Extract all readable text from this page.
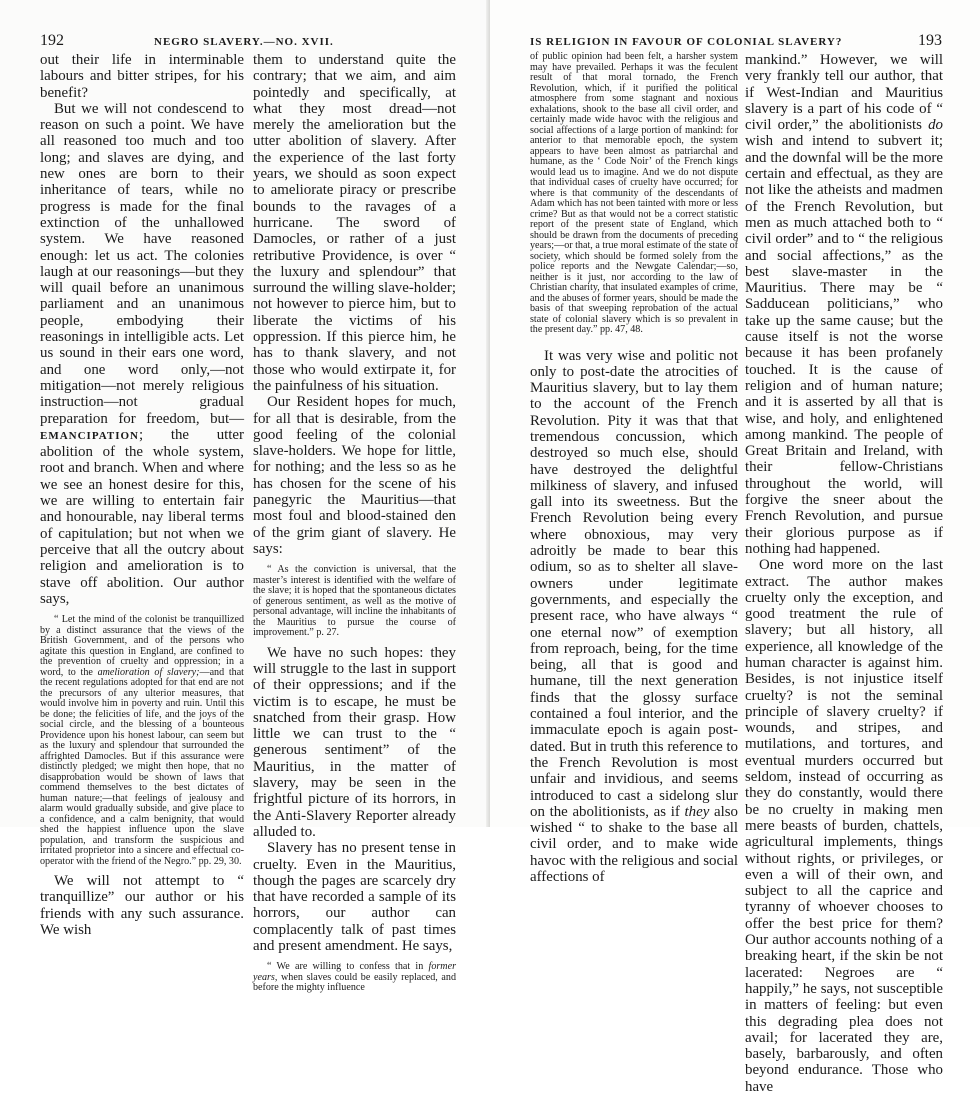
192	NEGRO SLAVERY.—NO. XVII.

out their life in interminable labours and bitter stripes, for his benefit?

But we will not condescend to reason on such a point. We have all reasoned too much and too long; and slaves are dying, and new ones are born to their inheritance of tears, while no progress is made for the final extinction of the unhallowed system. We have reasoned enough: let us act. The colonies laugh at our reasonings—but they will quail before an unanimous parliament and an unanimous people, embodying their reasonings in intelligible acts. Let us sound in their ears one word, and one word only,—not mitigation—not merely religious instruction—not gradual preparation for freedom, but—EMANCIPATION; the utter abolition of the whole system, root and branch. When and where we see an honest desire for this, we are willing to entertain fair and honourable, nay liberal terms of capitulation; but not when we perceive that all the outcry about religion and amelioration is to stave off abolition. Our author says,

“ Let the mind of the colonist be tranquillized by a distinct assurance that the views of the British Government, and of the persons who agitate this question in England, are confined to the prevention of cruelty and oppression; in a word, to the amelioration of slavery;—and that the recent regulations adopted for that end are not the precursors of any ulterior measures, that would involve him in poverty and ruin. Until this be done; the felicities of life, and the joys of the social circle, and the blessing of a bounteous Providence upon his honest labour, can seem but as the luxury and splendour that surrounded the affrighted Damocles. But if this assurance were distinctly pledged; we might then hope, that no disapprobation would be shown of laws that commend themselves to the best dictates of human nature;—that feelings of jealousy and alarm would gradually subside, and give place to a confidence, and a calm benignity, that would shed the happiest influence upon the slave population, and transform the suspicious and irritated proprietor into a sincere and effectual co-operator with the friend of the Negro.” pp. 29, 30.

We will not attempt to “ tranquillize” our author or his friends with any such assurance. We wish

them to understand quite the contrary; that we aim, and aim pointedly and specifically, at what they most dread—not merely the amelioration but the utter abolition of slavery. After the experience of the last forty years, we should as soon expect to ameliorate piracy or prescribe bounds to the ravages of a hurricane. The sword of Damocles, or rather of a just retributive Providence, is over “ the luxury and splendour” that surround the willing slave-holder; not however to pierce him, but to liberate the victims of his oppression. If this pierce him, he has to thank slavery, and not those who would extirpate it, for the painfulness of his situation.

Our Resident hopes for much, for all that is desirable, from the good feeling of the colonial slave-holders. We hope for little, for nothing; and the less so as he has chosen for the scene of his panegyric the Mauritius—that most foul and blood-stained den of the grim giant of slavery. He says:

“ As the conviction is universal, that the master’s interest is identified with the welfare of the slave; it is hoped that the spontaneous dictates of generous sentiment, as well as the motive of personal advantage, will incline the inhabitants of the Mauritius to pursue the course of improvement.” p. 27.

We have no such hopes: they will struggle to the last in support of their oppressions; and if the victim is to escape, he must be snatched from their grasp. How little we can trust to the “ generous sentiment” of the Mauritius, in the matter of slavery, may be seen in the frightful picture of its horrors, in the Anti-Slavery Reporter already alluded to.

Slavery has no present tense in cruelty. Even in the Mauritius, though the pages are scarcely dry that have recorded a sample of its horrors, our author can complacently talk of past times and present amendment. He says,

“ We are willing to confess that in former years, when slaves could be easily replaced, and before the mighty influence

IS RELIGION IN FAVOUR OF COLONIAL SLAVERY?	193

of public opinion had been felt, a harsher system may have prevailed. Perhaps it was the feculent result of that moral tornado, the French Revolution, which, if it purified the political atmosphere from some stagnant and noxious exhalations, shook to the base all civil order, and certainly made wide havoc with the religious and social affections of a large portion of mankind: for anterior to that memorable epoch, the system appears to have been almost as patriarchal and humane, as the ‘ Code Noir’ of the French kings would lead us to imagine. And we do not dispute that individual cases of cruelty have occurred; for where is that community of the descendants of Adam which has not been tainted with more or less crime? But as that would not be a correct statistic report of the present state of England, which should be drawn from the documents of preceding years;—or that, a true moral estimate of the state of society, which should be formed solely from the police reports and the Newgate Calendar;—so, neither is it just, nor according to the law of Christian charity, that insulated examples of crime, and the abuses of former years, should be made the basis of that sweeping reprobation of the actual state of colonial slavery which is so prevalent in the present day.” pp. 47, 48.

It was very wise and politic not only to post-date the atrocities of Mauritius slavery, but to lay them to the account of the French Revolution. Pity it was that that tremendous concussion, which destroyed so much else, should have destroyed the delightful milkiness of slavery, and infused gall into its sweetness. But the French Revolution being every where obnoxious, may very adroitly be made to bear this odium, so as to shelter all slave-owners under legitimate governments, and especially the present race, who have always “ one eternal now” of exemption from reproach, being, for the time being, all that is good and humane, till the next generation finds that the glossy surface contained a foul interior, and the immaculate epoch is again post-dated. But in truth this reference to the French Revolution is most unfair and invidious, and seems introduced to cast a sidelong slur on the abolitionists, as if they also wished “ to shake to the base all civil order, and to make wide havoc with the religious and social affections of

mankind.” However, we will very frankly tell our author, that if West-Indian and Mauritius slavery is a part of his code of “ civil order,” the abolitionists do wish and intend to subvert it; and the downfal will be the more certain and effectual, as they are not like the atheists and madmen of the French Revolution, but men as much attached both to “ civil order” and to “ the religious and social affections,” as the best slave-master in the Mauritius. There may be “ Sadducean politicians,” who take up the same cause; but the cause itself is not the worse because it has been profanely touched. It is the cause of religion and of human nature; and it is asserted by all that is wise, and holy, and enlightened among mankind. The people of Great Britain and Ireland, with their fellow-Christians throughout the world, will forgive the sneer about the French Revolution, and pursue their glorious purpose as if nothing had happened.

One word more on the last extract. The author makes cruelty only the exception, and good treatment the rule of slavery; but all history, all experience, all knowledge of the human character is against him. Besides, is not injustice itself cruelty? is not the seminal principle of slavery cruelty? if wounds, and stripes, and mutilations, and tortures, and eventual murders occurred but seldom, instead of occurring as they do constantly, would there be no cruelty in making men mere beasts of burden, chattels, agricultural implements, things without rights, or privileges, or even a will of their own, and subject to all the caprice and tyranny of whoever chooses to offer the best price for them? Our author accounts nothing of a breaking heart, if the skin be not lacerated: Negroes are “ happily,” he says, not susceptible in matters of feeling: but even this degrading plea does not avail; for lacerated they are, basely, barbarously, and often beyond endurance. Those who have
